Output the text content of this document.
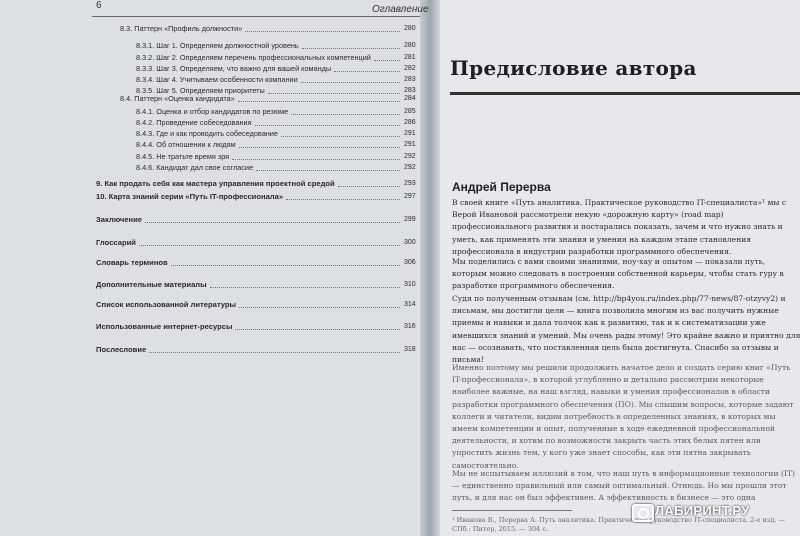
6	Оглавление
8.3. Паттерн «Профиль должности»	280
8.3.1. Шаг 1. Определяем должностной уровень	280
8.3.2. Шаг 2. Определяем перечень профессиональных компетенций	281
8.3.3. Шаг 3. Определяем, что важно для вашей команды	282
8.3.4. Шаг 4. Учитываем особенности компании	283
8.3.5. Шаг 5. Определяем приоритеты	283
8.4. Паттерн «Оценка кандидата»	284
8.4.1. Оценка и отбор кандидатов по резюме	285
8.4.2. Проведение собеседования	286
8.4.3. Где и как проводить собеседование	291
8.4.4. Об отношении к людям	291
8.4.5. Не тратьте время зря	292
8.4.6. Кандидат дал свое согласие	292
9. Как продать себя как мастера управления проектной средой	293
10. Карта знаний серии «Путь IT-профессионала»	297
Заключение	299
Глоссарий	300
Словарь терминов	306
Дополнительные материалы	310
Список использованной литературы	314
Использованные интернет-ресурсы	316
Послесловие	318
Предисловие автора
Андрей Перерва
В своей книге «Путь аналитика. Практическое руководство IT-специалиста»¹ мы с Верой Ивановой рассмотрели некую «дорожную карту» (road map) профессионального развития и постарались показать, зачем и что нужно знать и уметь, как применять эти знания и умения на каждом этапе становления профессионала в индустрии разработки программного обеспечения.
Мы поделились с вами своими знаниями, ноу-хау и опытом — показали путь, которым можно следовать в построении собственной карьеры, чтобы стать гуру в разработке программного обеспечения.
Судя по полученным отзывам (см. http://bp4you.ru/index.php/77-news/87-otzyvy2) и письмам, мы достигли цели — книга позволила многим из вас получить нужные приемы и навыки и дала толчок как к развитию, так и к систематизации уже имевшихся знаний и умений. Мы очень рады этому! Это крайне важно и приятно для нас — осознавать, что поставленная цель была достигнута. Спасибо за отзывы и письма!
Именно поэтому мы решили продолжить начатое дело и создать серию книг «Путь IT-профессионала», в которой углубленно и детально рассмотрим некоторые наиболее важные, на наш взгляд, навыки и умения профессионалов в области разработки программного обеспечения (ПО). Мы слышим вопросы, которые задают коллеги и читатели, видим потребность в определенных знаниях, в которых мы имеем компетенции и опыт, полученные в ходе ежедневной профессиональной деятельности, и хотим по возможности закрыть часть этих белых пятен или упростить жизнь тем, у кого уже знает способы, как эти пятна закрывать самостоятельно.
Мы не испытываем иллюзий в том, что наш путь в информационные технологии (IT) — единственно правильный или самый оптимальный. Отнюдь. Но мы прошли этот путь, и для нас он был эффективен. А эффективность в бизнесе — это одна
¹ Иванова В., Перерва А. Путь аналитика. Практическое руководство IT-специалиста. 2-е изд. — СПб.: Питер, 2015. — 304 с.
ЛАБИРИНТ.РУ
